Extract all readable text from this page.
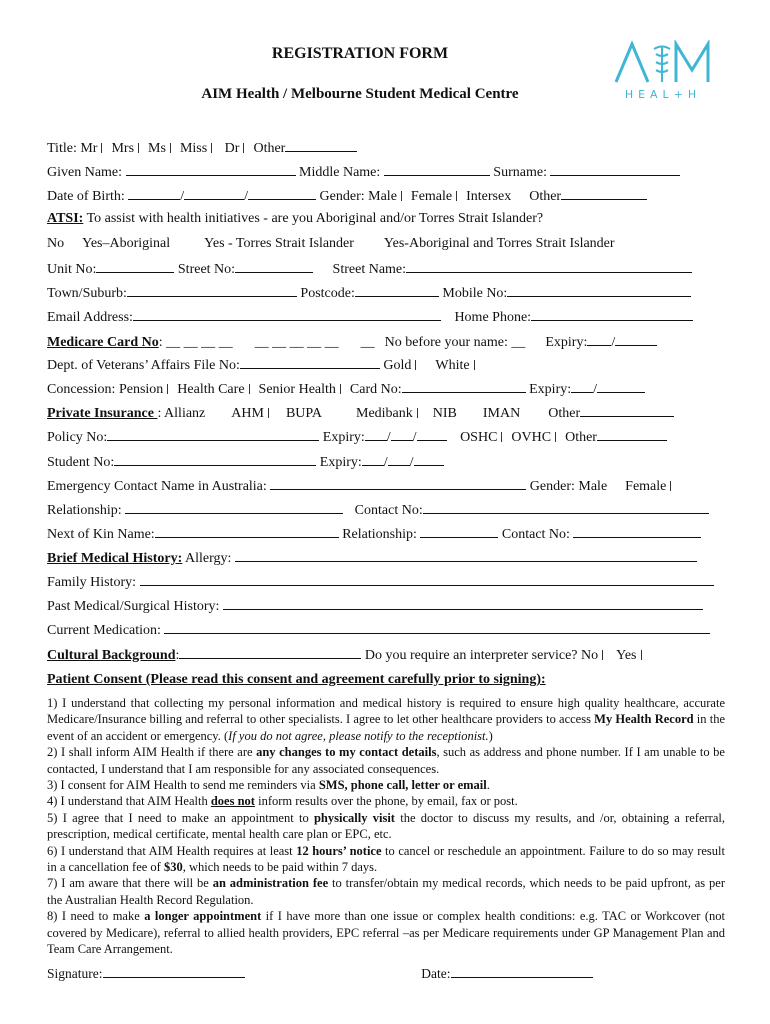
REGISTRATION FORM
AIM Health / Melbourne Student Medical Centre	HEAL+H
Title: Mr Mrs Ms Miss Dr Other
Given Name:	Middle Name:	Surname:
Date of Birth:	/	/	Gender: Male Female Intersex Other
ATSI: To assist with health initiatives - are you Aboriginal and/or Torres Strait Islander?
No Yes–Aboriginal Yes - Torres Strait Islander Yes-Aboriginal and Torres Strait Islander
Unit No:	Street No:	Street Name:
Town/Suburb:	Postcode:	Mobile No:
Email Address:	Home Phone:
Medicare Card No: __ __ __ __ __ __ __ __ __ __ No before your name: __ Expiry: /
Dept. of Veterans’ Affairs File No:	Gold White
Concession: Pension Health Care Senior Health Card No:	Expiry: /
Private Insurance : Allianz AHM BUPA Medibank NIB IMAN Other
Policy No:	Expiry: / /	OSHC OVHC Other
Student No:	Expiry: / /
Emergency Contact Name in Australia:	Gender: Male Female
Relationship:	Contact No:
Next of Kin Name:	Relationship:	Contact No:
Brief Medical History: Allergy:
Family History:
Past Medical/Surgical History:
Current Medication:
Cultural Background:	Do you require an interpreter service? No Yes
Patient Consent (Please read this consent and agreement carefully prior to signing):

1) I understand that collecting my personal information and medical history is required to ensure high quality healthcare, accurate Medicare/Insurance billing and referral to other specialists. I agree to let other healthcare providers to access My Health Record in the event of an accident or emergency. (If you do not agree, please notify to the receptionist.)

2) I shall inform AIM Health if there are any changes to my contact details, such as address and phone number. If I am unable to be contacted, I understand that I am responsible for any associated consequences.

3) I consent for AIM Health to send me reminders via SMS, phone call, letter or email.

4) I understand that AIM Health does not inform results over the phone, by email, fax or post.

5) I agree that I need to make an appointment to physically visit the doctor to discuss my results, and /or, obtaining a referral, prescription, medical certificate, mental health care plan or EPC, etc.

6) I understand that AIM Health requires at least 12 hours’ notice to cancel or reschedule an appointment. Failure to do so may result in a cancellation fee of $30, which needs to be paid within 7 days.

7) I am aware that there will be an administration fee to transfer/obtain my medical records, which needs to be paid upfront, as per the Australian Health Record Regulation.

8) I need to make a longer appointment if I have more than one issue or complex health conditions: e.g. TAC or Workcover (not covered by Medicare), referral to allied health providers, EPC referral –as per Medicare requirements under GP Management Plan and Team Care Arrangement.

Signature:	Date:
